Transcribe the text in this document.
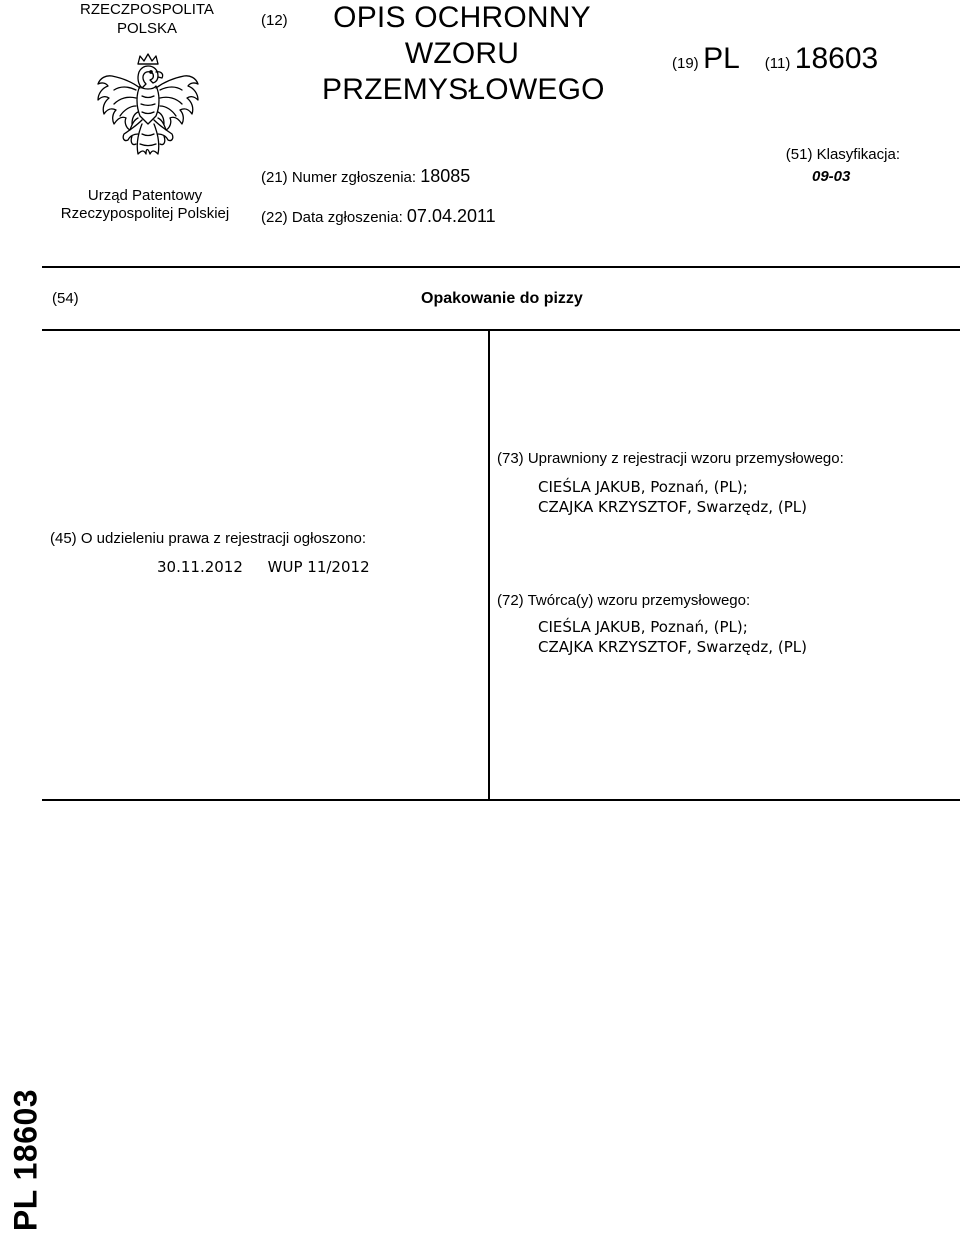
RZECZPOSPOLITA
POLSKA
Urząd Patentowy
Rzeczypospolitej Polskiej
(12)	OPIS OCHRONNY
WZORU
PRZEMYSŁOWEGO
(19) PL (11) 18603
(21) Numer zgłoszenia: 18085
(22) Data zgłoszenia: 07.04.2011
(51) Klasyfikacja:
09-03
(54)	Opakowanie do pizzy
(73) Uprawniony z rejestracji wzoru przemysłowego:
CIEŚLA JAKUB, Poznań, (PL);
CZAJKA KRZYSZTOF, Swarzędz, (PL)
(72) Twórca(y) wzoru przemysłowego:
CIEŚLA JAKUB, Poznań, (PL);
CZAJKA KRZYSZTOF, Swarzędz, (PL)
(45) O udzieleniu prawa z rejestracji ogłoszono:
30.11.2012 WUP 11/2012
PL 18603
